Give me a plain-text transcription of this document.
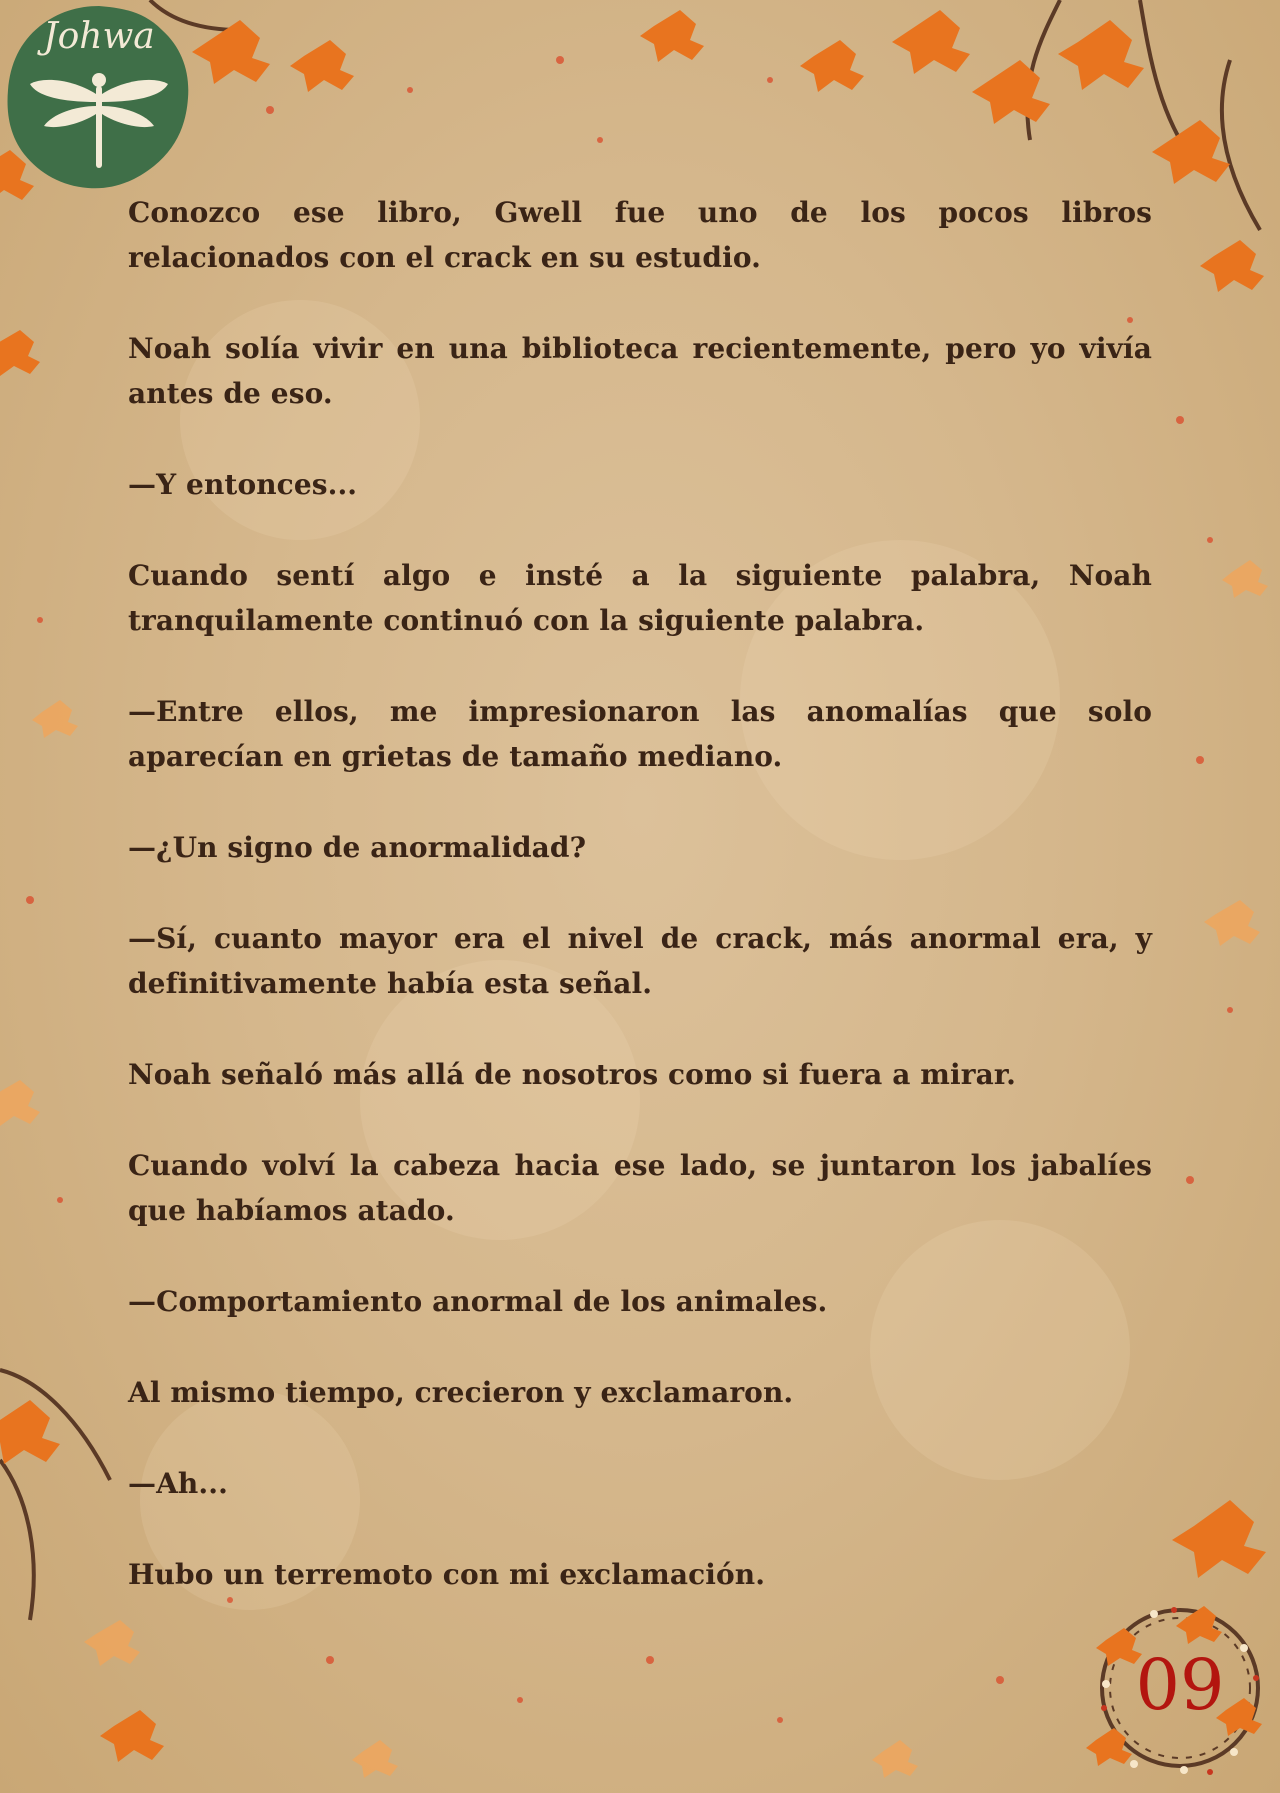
Johwa

Conozco ese libro, Gwell fue uno de los pocos libros relacionados con el crack en su estudio.

Noah solía vivir en una biblioteca recientemente, pero yo vivía antes de eso.

—Y entonces...

Cuando sentí algo e insté a la siguiente palabra, Noah tranquilamente continuó con la siguiente palabra.

—Entre ellos, me impresionaron las anomalías que solo aparecían en grietas de tamaño mediano.

—¿Un signo de anormalidad?

—Sí, cuanto mayor era el nivel de crack, más anormal era, y definitivamente había esta señal.

Noah señaló más allá de nosotros como si fuera a mirar.

Cuando volví la cabeza hacia ese lado, se juntaron los jabalíes que habíamos atado.

—Comportamiento anormal de los animales.

Al mismo tiempo, crecieron y exclamaron.

—Ah...

Hubo un terremoto con mi exclamación.

09
